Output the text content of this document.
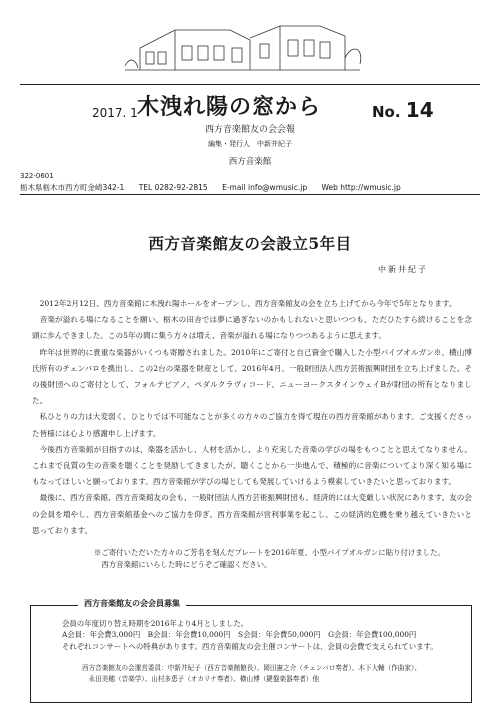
2017. 1 木洩れ陽の窓から	No. 14
西方音楽館友の会会報
編集・発行人　中新井紀子
西方音楽館
322-0601
栃木県栃木市西方町金崎342-1 TEL 0282-92-2815 E-mail info@wmusic.jp Web http://wmusic.jp
西方音楽館友の会設立5年目
中新井紀子

2012年2月12日、西方音楽館に木洩れ陽ホールをオープンし、西方音楽館友の会を立ち上げてから今年で5年となります。

音楽が溢れる場になることを願い、栃木の田舎では夢に過ぎないのかもしれないと思いつつも、ただひたすら続けることを念頭に歩んできました。この5年の間に集う方々は増え、音楽が溢れる場になりつつあるように思えます。

昨年は世界的に貴重な楽器がいくつも寄贈されました。2010年にご寄付と自己資金で購入した小型パイプオルガン※、横山博氏所有のチェンバロを携出し、この2台の楽器を財産として、2016年4月、一般財団法人西方芸術振興財団を立ち上げました。その後財団へのご寄付として、フォルテピアノ、ペダルクラヴィコード、ニューヨークスタインウェイBが財団の所有となりました。

私ひとりの力は大変弱く、ひとりでは不可能なことが多くの方々のご協力を得て現在の西方音楽館があります。ご支援くださった皆様には心より感謝申し上げます。

今後西方音楽館が目指すのは、楽器を活かし、人材を活かし、より充実した音楽の学びの場をもつことと思えてなりません。これまで良質の生の音楽を聴くことを奨励してきましたが、聴くことから一歩進んで、積極的に音楽についてより深く知る場にもなってほしいと願っております。西方音楽館が学びの場としても発展していけるよう模索していきたいと思っております。

最後に、西方音楽館、西方音楽館友の会も、一般財団法人西方芸術振興財団も、経済的には大変厳しい状況にあります。友の会の会員を増やし、西方音楽館基金へのご協力を仰ぎ、西方音楽館が営利事業を起こし、この経済的危機を乗り越えていきたいと思っております。

※ご寄付いただいた方々のご芳名を刻んだプレートを2016年夏、小型パイプオルガンに貼り付けました。

西方音楽館にいらした時にどうぞご確認ください。

西方音楽館友の会会員募集

会員の年度切り替え時期を2016年より4月としました。

A会員：年会費3,000円　B会員：年会費10,000円　S会員：年会費50,000円　G会員：年会費100,000円

それぞれコンサートへの特典があります。西方音楽館友の会主催コンサートは、会員の会費で支えられています。

西方音楽館友の会運営委員：中新井紀子（西方音楽館館長）、岡田憲之介（チェンバロ奏者）、木下大輔（作曲家）、

永田美穂（音楽学）、山村多恵子（オカリナ奏者）、横山博（鍵盤楽器奏者）他
